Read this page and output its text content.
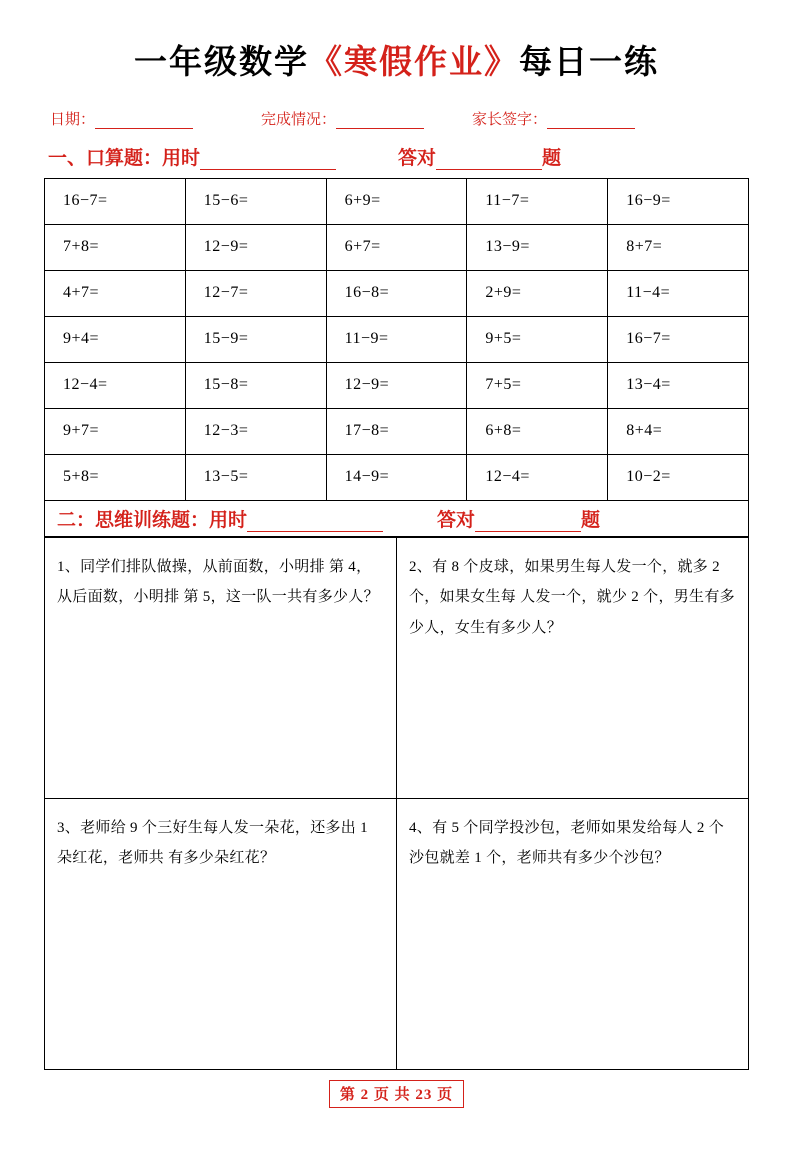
一年级数学《寒假作业》每日一练
日期：	完成情况：	家长签字：
一、口算题：用时	答对	题
16−7=	15−6=	6+9=	11−7=	16−9=
7+8=	12−9=	6+7=	13−9=	8+7=
4+7=	12−7=	16−8=	2+9=	11−4=
9+4=	15−9=	11−9=	9+5=	16−7=
12−4=	15−8=	12−9=	7+5=	13−4=
9+7=	12−3=	17−8=	6+8=	8+4=
5+8=	13−5=	14−9=	12−4=	10−2=
二：思维训练题：用时	答对	题
1、同学们排队做操，从前面数，小明排 第 4，从后面数，小明排 第 5，这一队一共有多少人？	2、有 8 个皮球，如果男生每人发一个，就多 2 个，如果女生每 人发一个，就少 2 个，男生有多少人，女生有多少人？
3、老师给 9 个三好生每人发一朵花，还多出 1 朵红花，老师共 有多少朵红花？	4、有 5 个同学投沙包，老师如果发给每人 2 个沙包就差 1 个，老师共有多少个沙包？
第 2 页 共 23 页
